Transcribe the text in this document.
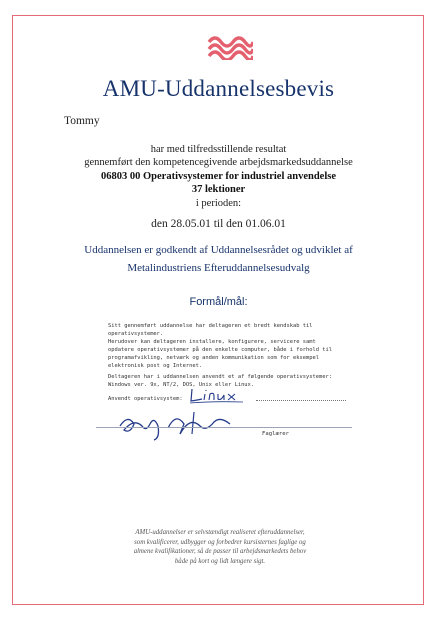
AMU-Uddannelsesbevis
Tommy
har med tilfredsstillende resultat
gennemført den kompetencegivende arbejdsmarkedsuddannelse
06803 00 Operativsystemer for industriel anvendelse
37 lektioner
i perioden:
den 28.05.01 til den 01.06.01
Uddannelsen er godkendt af Uddannelsesrådet og udviklet af
Metalindustriens Efteruddannelsesudvalg
Formål/mål:
Sitt gennemført uddannelse har deltageren et bredt kendskab til
operativsystemer.
Herudover kan deltageren installere, konfigurere, servicere samt
opdatere operativsystemer på den enkelte computer, både i forhold til
programafvikling, netværk og anden kommunikation som for eksempel
elektronisk post og Internet.
Deltageren har i uddannelsen anvendt et af følgende operativsystemer:
Windows ver. 9x, NT/2, DOS, Unix eller Linux.
Anvendt operativsystem:
Faglærer
AMU-uddannelser er selvstændigt realiseret efteruddannelser,
som kvalificerer, udbygger og forbedrer kursisternes faglige og
almene kvalifikationer, så de passer til arbejdsmarkedets behov
både på kort og lidt længere sigt.
